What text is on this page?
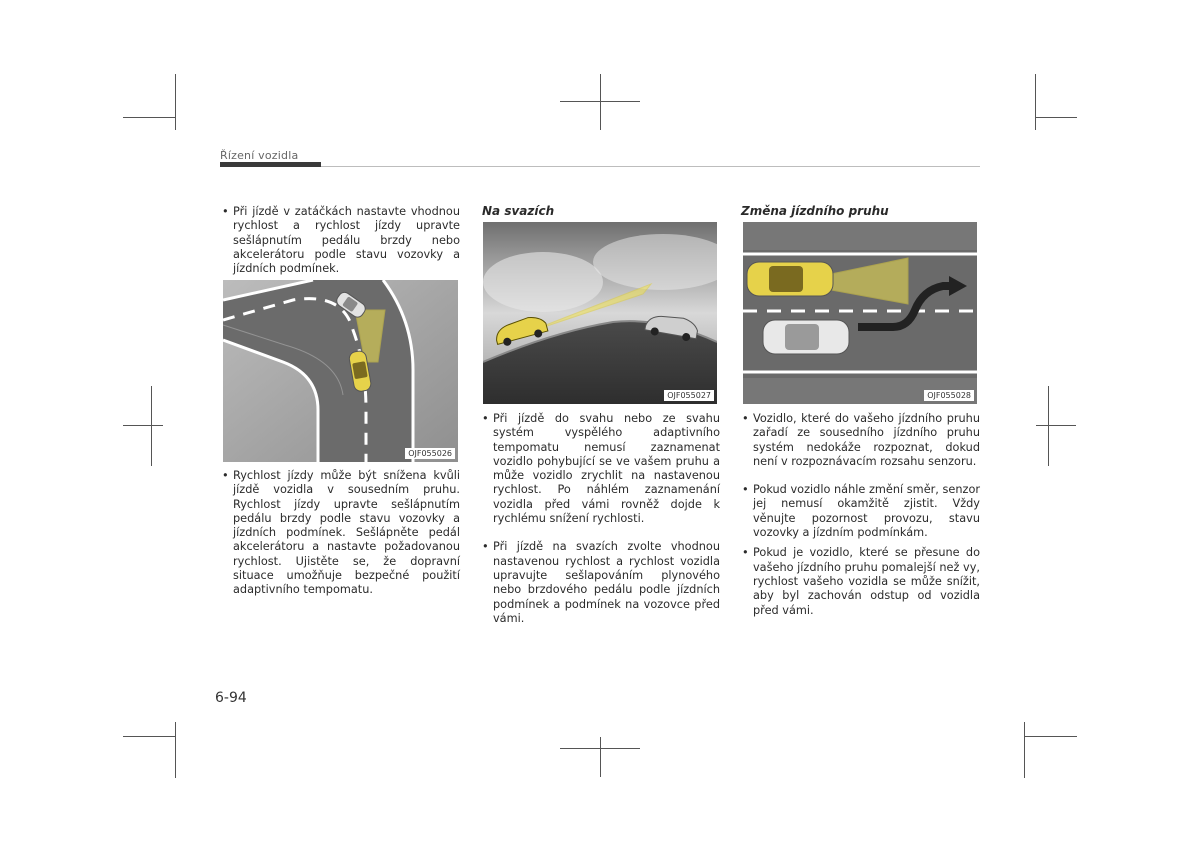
Řízení vozidla

• Při jízdě v zatáčkách nastavte vhodnou rychlost a rychlost jízdy upravte sešlápnutím pedálu brzdy nebo akcelerátoru podle stavu vozovky a jízdních podmínek.

OJF055026

• Rychlost jízdy může být snížena kvůli jízdě vozidla v sousedním pruhu. Rychlost jízdy upravte sešlápnutím pedálu brzdy podle stavu vozovky a jízdních podmínek. Sešlápněte pedál akcelerátoru a nastavte požadovanou rychlost. Ujistěte se, že dopravní situace umožňuje bezpečné použití adaptivního tempomatu.

Na svazích
OJF055027

• Při jízdě do svahu nebo ze svahu systém vyspělého adaptivního tempomatu nemusí zaznamenat vozidlo pohybující se ve vašem pruhu a může vozidlo zrychlit na nastavenou rychlost. Po náhlém zaznamenání vozidla před vámi rovněž dojde k rychlému snížení rychlosti.

• Při jízdě na svazích zvolte vhodnou nastavenou rychlost a rychlost vozidla upravujte sešlapováním plynového nebo brzdového pedálu podle jízdních podmínek a podmínek na vozovce před vámi.

Změna jízdního pruhu
OJF055028

• Vozidlo, které do vašeho jízdního pruhu zařadí ze sousedního jízdního pruhu systém nedokáže rozpoznat, dokud není v rozpoznávacím rozsahu senzoru.

• Pokud vozidlo náhle změní směr, senzor jej nemusí okamžitě zjistit. Vždy věnujte pozornost provozu, stavu vozovky a jízdním podmínkám.

• Pokud je vozidlo, které se přesune do vašeho jízdního pruhu pomalejší než vy, rychlost vašeho vozidla se může snížit, aby byl zachován odstup od vozidla před vámi.

6-94
